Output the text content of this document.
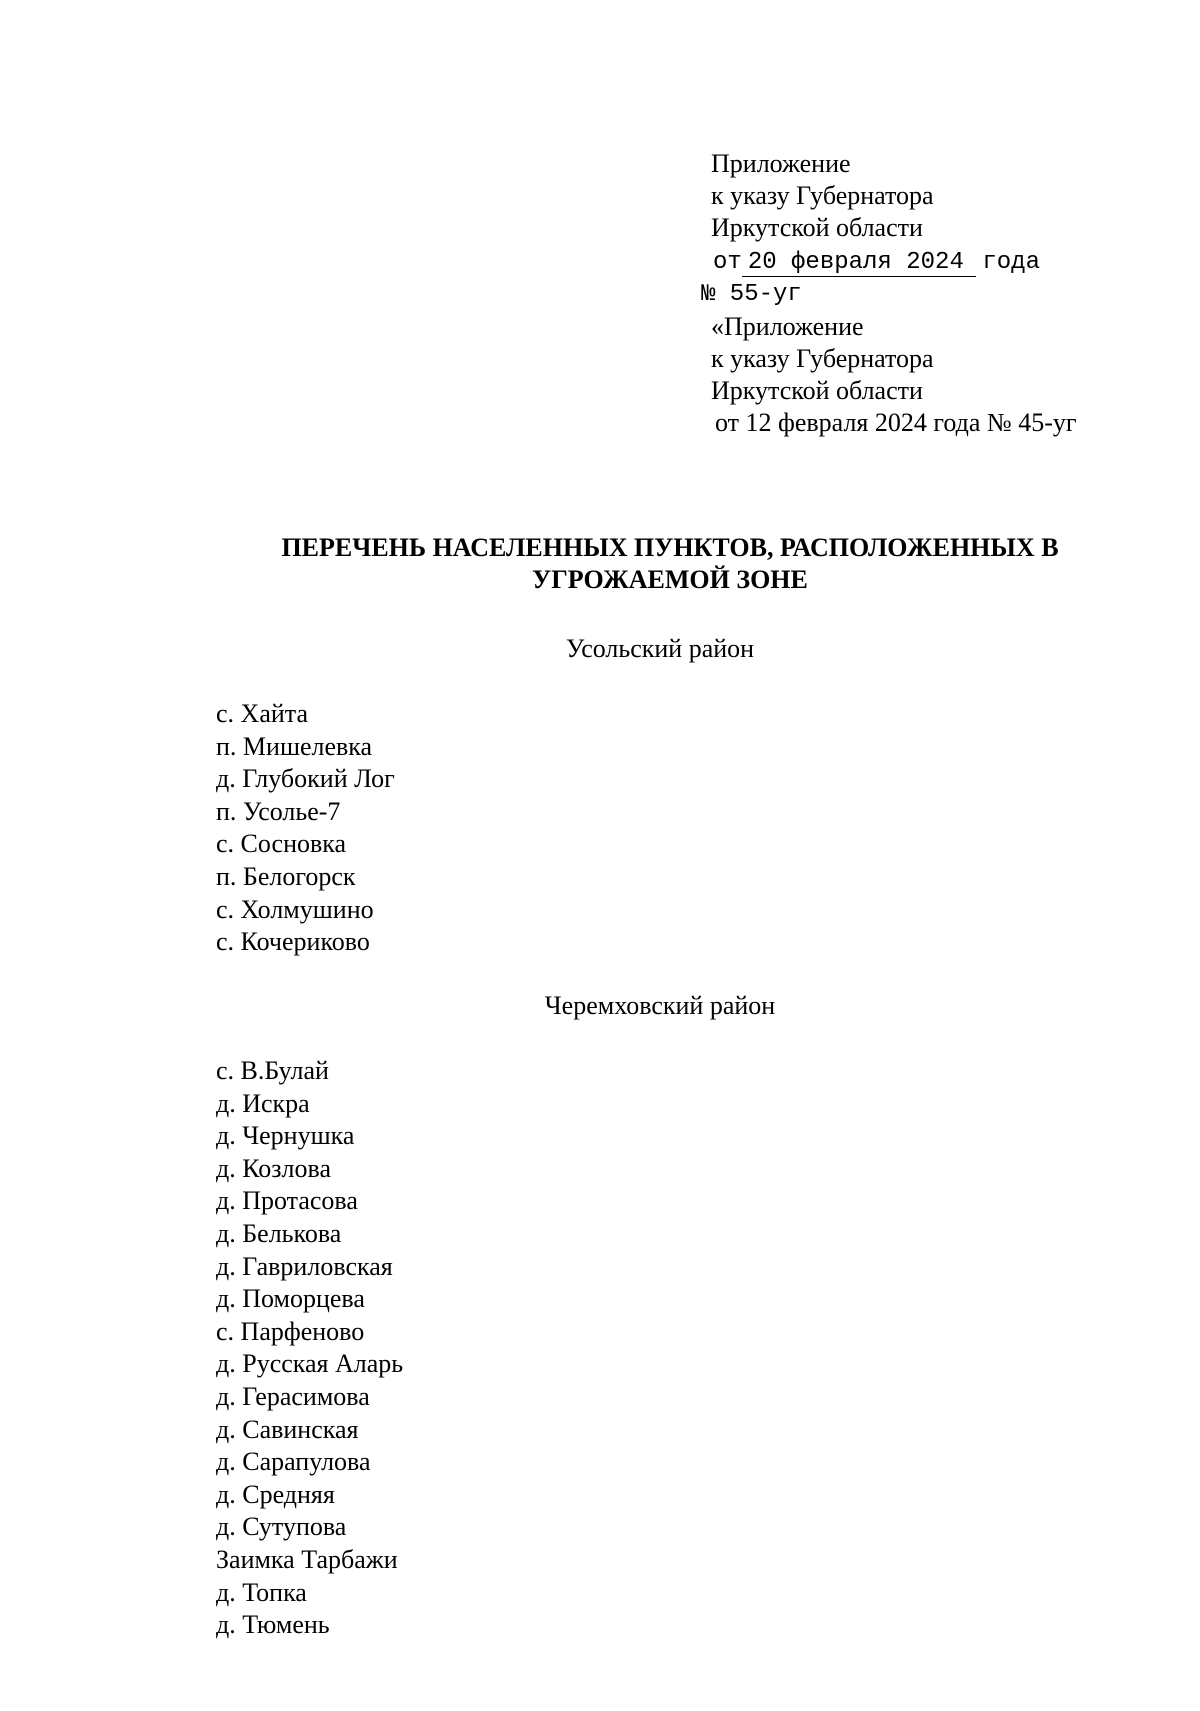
Приложение
к указу Губернатора
Иркутской области
от 20 февраля 2024 года
№ 55-уг
«Приложение
к указу Губернатора
Иркутской области
от 12 февраля 2024 года № 45-уг
ПЕРЕЧЕНЬ НАСЕЛЕННЫХ ПУНКТОВ, РАСПОЛОЖЕННЫХ В
УГРОЖАЕМОЙ ЗОНЕ
Усольский район
с. Хайта
п. Мишелевка
д. Глубокий Лог
п. Усолье-7
с. Сосновка
п. Белогорск
с. Холмушино
с. Кочериково
Черемховский район
с. В.Булай
д. Искра
д. Чернушка
д. Козлова
д. Протасова
д. Белькова
д. Гавриловская
д. Поморцева
с. Парфеново
д. Русская Аларь
д. Герасимова
д. Савинская
д. Сарапулова
д. Средняя
д. Сутупова
Заимка Тарбажи
д. Топка
д. Тюмень
